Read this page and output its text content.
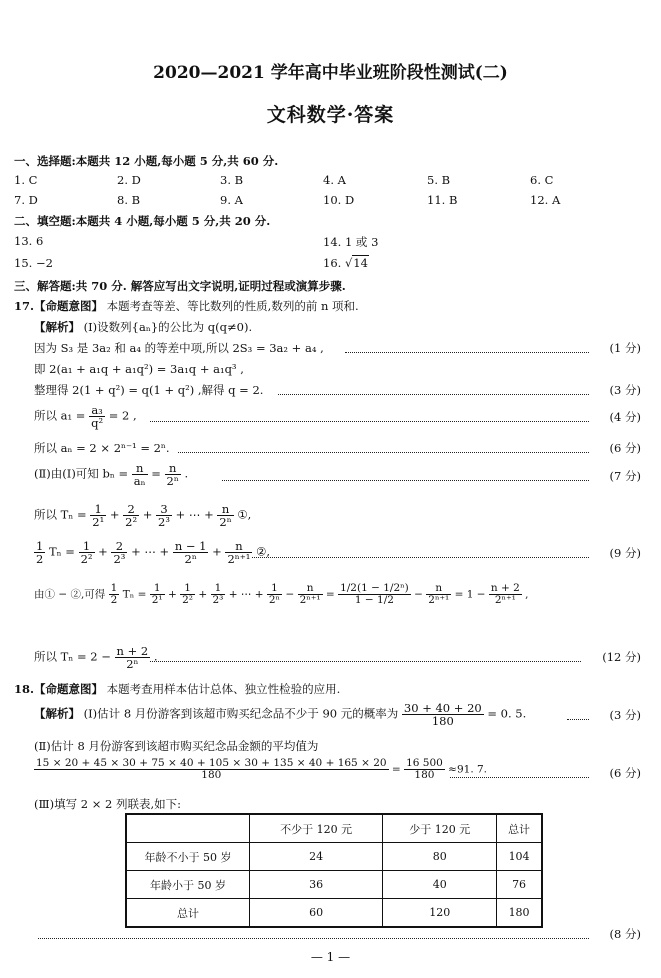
2020—2021 学年高中毕业班阶段性测试(二)
文科数学·答案
一、选择题:本题共 12 小题,每小题 5 分,共 60 分.
1. C	2. D	3. B	4. A	5. B	6. C
7. D	8. B	9. A	10. D	11. B	12. A
二、填空题:本题共 4 小题,每小题 5 分,共 20 分.
13. 6	14. 1 或 3
15. −2	16. √14
三、解答题:共 70 分. 解答应写出文字说明,证明过程或演算步骤.
17.【命题意图】 本题考查等差、等比数列的性质,数列的前 n 项和.
【解析】 (Ⅰ)设数列{aₙ}的公比为 q(q≠0).
因为 S₃ 是 3a₂ 和 a₄ 的等差中项,所以 2S₃ = 3a₂ + a₄ ,	(1 分)
即 2(a₁ + a₁q + a₁q²) = 3a₁q + a₁q³ ,
整理得 2(1 + q²) = q(1 + q²) ,解得 q = 2.	(3 分)
所以 $a_1 = \frac{\text{a₃}}{\text{q²}} = 2$ ,	(4 分)
所以 aₙ = 2 × 2ⁿ⁻¹ = 2ⁿ.	(6 分)
(Ⅱ)由(Ⅰ)可知 $b_n = \frac{n}{\text{aₙ}} = \frac{n}{\text{2ⁿ}}$ .	(7 分)
所以 $T_n = \frac{1}{\text{2¹}} + \frac{2}{\text{2²}} + \frac{3}{\text{2³}}$ + ⋯ + $\frac{n}{\text{2ⁿ}}$ ①,
$\frac{1}{2}$ $T_n = \frac{1}{\text{2²}} + \frac{2}{\text{2³}}$ + ⋯ + $\frac{n - 1}{\text{2ⁿ}} + \frac{n}{\text{2ⁿ⁺¹}}$ ②,	(9 分)
由① − ②,可得 $\frac{1}{2}$ $T_n = \frac{1}{\text{2¹}} + \frac{1}{\text{2²}} + \frac{1}{\text{2³}}$ + ⋯ + $\frac{1}{\text{2ⁿ}} - \frac{n}{\text{2ⁿ⁺¹}} = \frac{\text{1/2(1 − 1/2ⁿ)}}{1 - 1/2} - \frac{n}{\text{2ⁿ⁺¹}} = 1 - \frac{n + 2}{\text{2ⁿ⁺¹}}$ ,
所以 $T_n = 2 - \frac{n + 2}{\text{2ⁿ}}$ .	(12 分)
18.【命题意图】 本题考查用样本估计总体、独立性检验的应用.
【解析】 (Ⅰ)估计 8 月份游客到该超市购买纪念品不少于 90 元的概率为 $\frac{30 + 40 + 20}{180} = 0$. 5.	(3 分)
(Ⅱ)估计 8 月份游客到该超市购买纪念品金额的平均值为
$\frac{15 \times 20 + 45 \times 30 + 75 \times 40 + 105 \times 30 + 135 \times 40 + 165 \times 20}{180} = \frac{16 500}{180} \approx 91$. 7.	(6 分)
(Ⅲ)填写 2 × 2 列联表,如下:
	不少于 120 元	少于 120 元	总计
年龄不小于 50 岁	24	80	104
年龄小于 50 岁	36	40	76
总计	60	120	180
(8 分)
— 1 —
